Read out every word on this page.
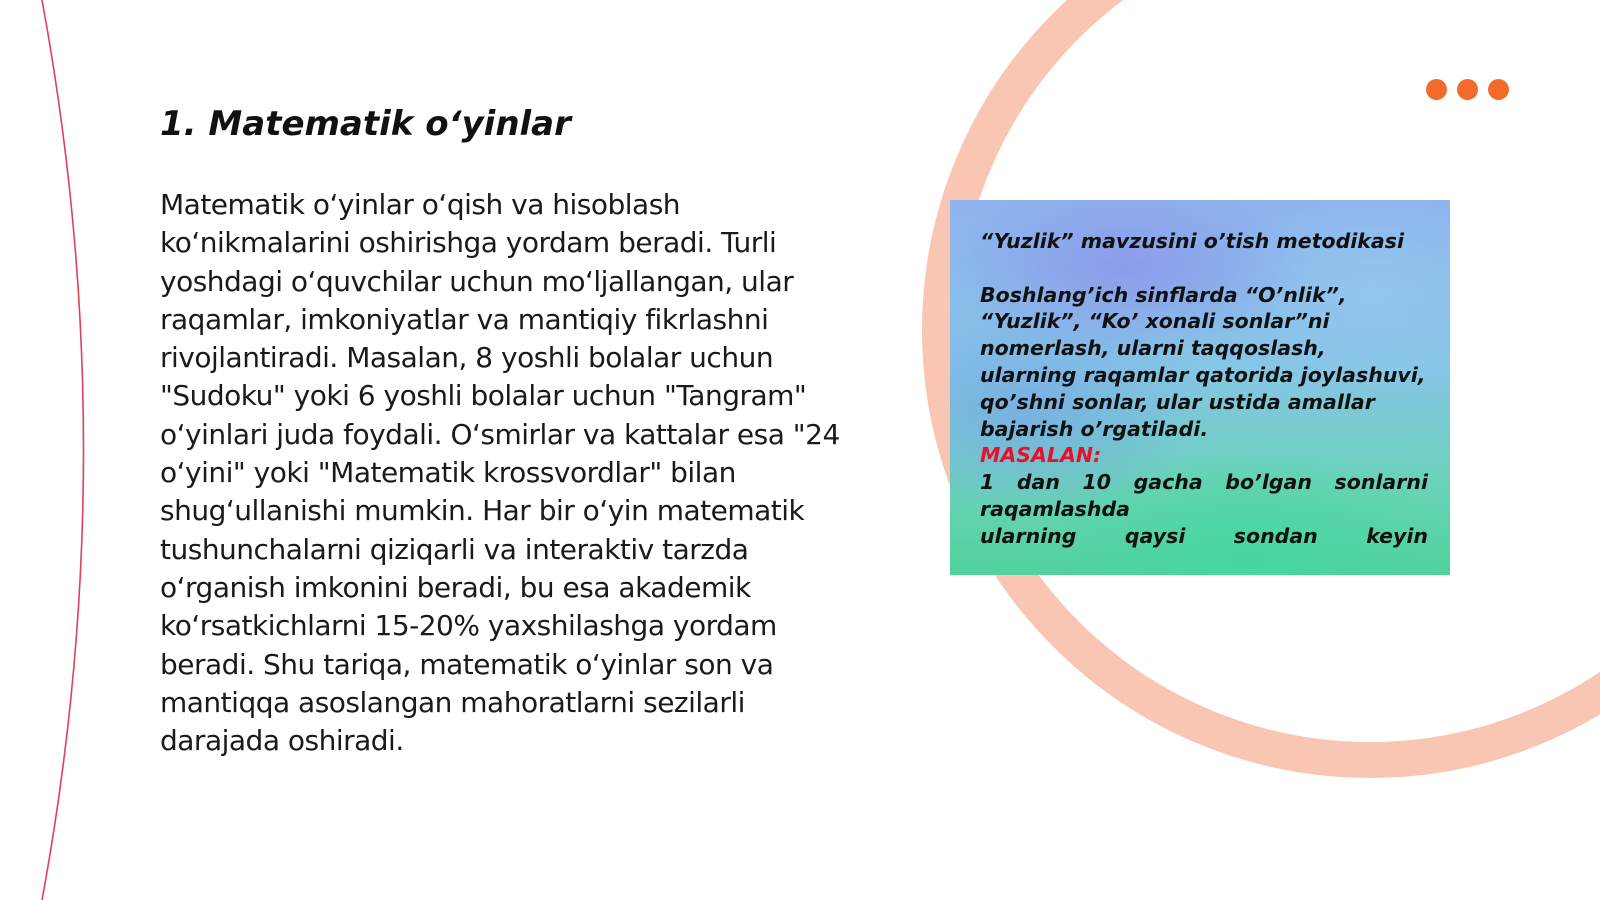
1. Matematik o‘yinlar

Matematik o‘yinlar o‘qish va hisoblash ko‘nikmalarini oshirishga yordam beradi. Turli yoshdagi o‘quvchilar uchun mo‘ljallangan, ular raqamlar, imkoniyatlar va mantiqiy fikrlashni rivojlantiradi. Masalan, 8 yoshli bolalar uchun "Sudoku" yoki 6 yoshli bolalar uchun "Tangram" o‘yinlari juda foydali. O‘smirlar va kattalar esa "24 o‘yini" yoki "Matematik krossvordlar" bilan shug‘ullanishi mumkin. Har bir o‘yin matematik tushunchalarni qiziqarli va interaktiv tarzda o‘rganish imkonini beradi, bu esa akademik ko‘rsatkichlarni 15-20% yaxshilashga yordam beradi. Shu tariqa, matematik o‘yinlar son va mantiqqa asoslangan mahoratlarni sezilarli darajada oshiradi.

“Yuzlik” mavzusini o’tish metodikasi

Boshlang’ich sinflarda “O’nlik”, “Yuzlik”, “Ko’ xonali sonlar”ni nomerlash, ularni taqqoslash, ularning raqamlar qatorida joylashuvi, qo’shni sonlar, ular ustida amallar bajarish o’rgatiladi.

MASALAN:

1 dan 10 gacha bo’lgan sonlarni raqamlashda

ularning qaysi sondan keyin
